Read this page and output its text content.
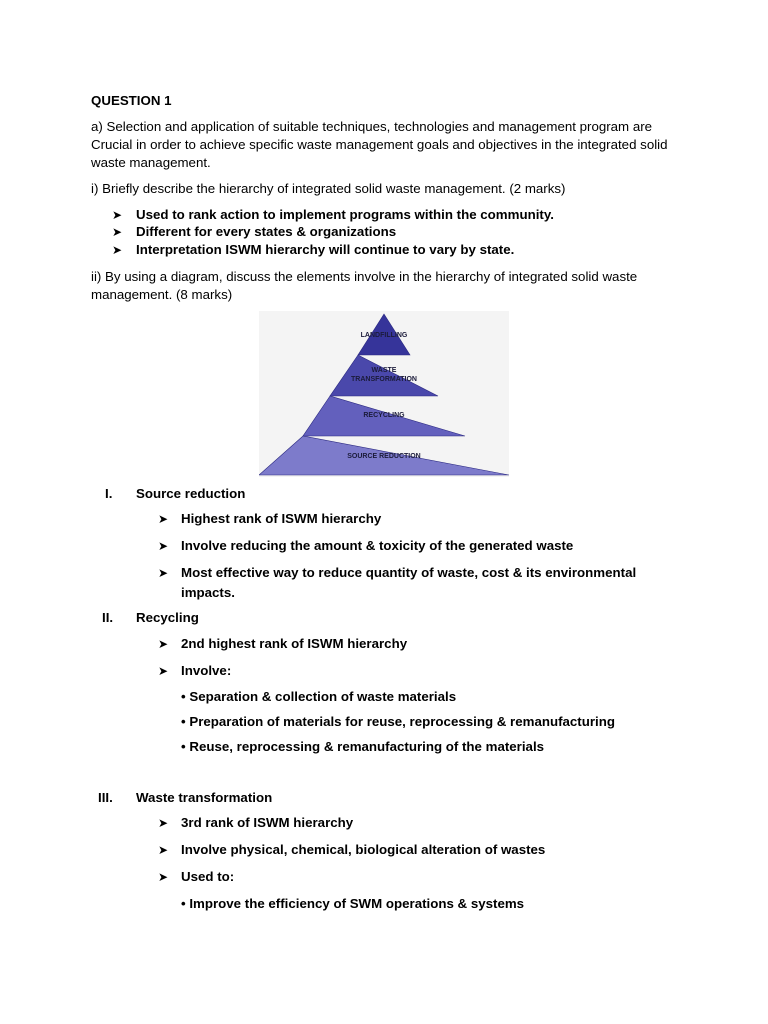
QUESTION 1
a) Selection and application of suitable techniques, technologies and management program are Crucial in order to achieve specific waste management goals and objectives in the integrated solid waste management.
i) Briefly describe the hierarchy of integrated solid waste management. (2 marks)
➤ Used to rank action to implement programs within the community.
➤ Different for every states & organizations
➤ Interpretation ISWM hierarchy will continue to vary by state.
ii) By using a diagram, discuss the elements involve in the hierarchy of integrated solid waste management. (8 marks)
LANDFILLING
WASTE
TRANSFORMATION
RECYCLING
SOURCE REDUCTION
I. Source reduction
➤ Highest rank of ISWM hierarchy
➤ Involve reducing the amount & toxicity of the generated waste
➤ Most effective way to reduce quantity of waste, cost & its environmental
impacts.
II. Recycling
➤ 2nd highest rank of ISWM hierarchy
➤ Involve:
• Separation & collection of waste materials
• Preparation of materials for reuse, reprocessing & remanufacturing
• Reuse, reprocessing & remanufacturing of the materials
III. Waste transformation
➤ 3rd rank of ISWM hierarchy
➤ Involve physical, chemical, biological alteration of wastes
➤ Used to:
• Improve the efficiency of SWM operations & systems
